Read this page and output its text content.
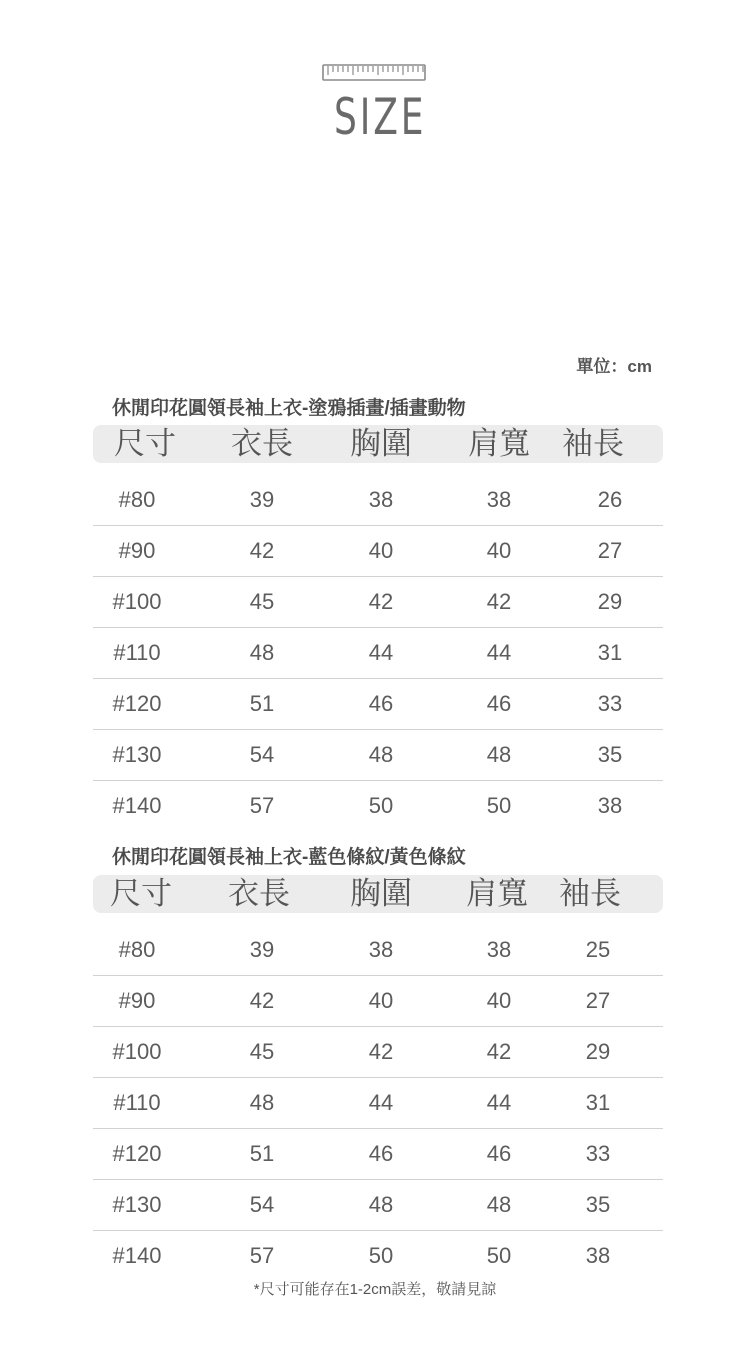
SIZE
單位：cm
休閒印花圓領長袖上衣-塗鴉插畫/插畫動物
尺寸	衣長	胸圍	肩寬	袖長
#80	39	38	38	26
#90	42	40	40	27
#100	45	42	42	29
#110	48	44	44	31
#120	51	46	46	33
#130	54	48	48	35
#140	57	50	50	38
休閒印花圓領長袖上衣-藍色條紋/黃色條紋
尺寸	衣長	胸圍	肩寬	袖長
#80	39	38	38	25
#90	42	40	40	27
#100	45	42	42	29
#110	48	44	44	31
#120	51	46	46	33
#130	54	48	48	35
#140	57	50	50	38
*尺寸可能存在1-2cm誤差，敬請見諒
